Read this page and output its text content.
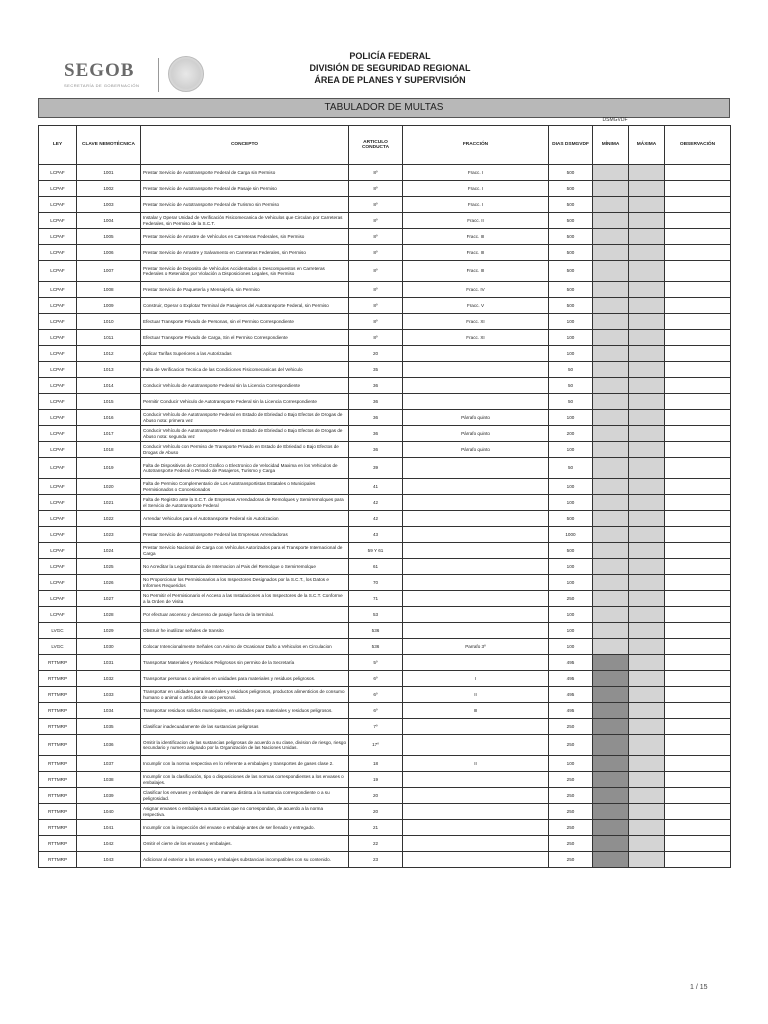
SEGOB
SECRETARÍA DE GOBERNACIÓN
POLICÍA FEDERAL
DIVISIÓN DE SEGURIDAD REGIONAL
ÁREA DE PLANES Y SUPERVISIÓN
TABULADOR DE MULTAS
DSMGVDF
LEY	CLAVE NEMOTÉCNICA	CONCEPTO	ARTICULO CONDUCTA	FRACCIÓN	DIAS DSMGVDF	MÍNIMA	MÁXIMA	OBSERVACIÓN
LCPAF	1001	Prestar Servicio de Autotransporte Federal de Carga sin Permiso	8º	Fracc. I	500			
LCPAF	1002	Prestar Servicio de Autotransporte Federal de Pasaje sin Permiso	8º	Fracc. I	500			
LCPAF	1003	Prestar Servicio de Autotransporte Federal de Turismo sin Permiso	8º	Fracc. I	500			
LCPAF	1004	Instalar y Operar Unidad de Verificación Fisicomecanica de Vehiculos que Circulan por Carreteras Federales, sin Permiso de la S.C.T.	8º	Fracc. II	500			
LCPAF	1005	Prestar Servicio de Arrastre de Vehículos en Carreteras Federales, sin Permiso	8º	Fracc. III	500			
LCPAF	1006	Prestar Servicio de Arrastre y Salvamento en Carreteras Federales, sin Permiso	8º	Fracc. III	500			
LCPAF	1007	Prestar Servicio de Deposito de Vehículos Accidentados o Descompuestos en Carreteras Federales o Retenidos por Violación a Disposiciones Legales, sin Permiso	8º	Fracc. III	500			
LCPAF	1008	Prestar Servicio de Paquetería y Mensajería, sin Permiso	8º	Fracc. IV	500			
LCPAF	1009	Construir, Operar o Explotar Terminal de Pasajeros del Autotransporte Federal, sin Permiso	8º	Fracc. V	500			
LCPAF	1010	Efectuar Transporte Privado de Personas, sin el Permiso Correspondiente	8º	Fracc. XI	100			
LCPAF	1011	Efectuar Transporte Privado de Carga, Sin el Permiso Correspondiente	8º	Fracc. XI	100			
LCPAF	1012	Aplicar Tarifas Superiores a las Autorizadas	20		100			
LCPAF	1013	Falta de Verificacion Tecnica de las Condiciones Fisicomecanicas del Vehiculo	35		50			
LCPAF	1014	Conducir Vehículo de Autotransporte Federal sin la Licencia Correspondiente	36		50			
LCPAF	1015	Permitir Conducir Vehiculo de Autotransporte Federal sin la Licencia Correspondiente	36		50			
LCPAF	1016	Conducir Vehículo de Autotransporte Federal en Estado de Ebriedad o Bajo Efectos de Drogas de Abuso nota: primera vez	36	Párrafo quinto	100			
LCPAF	1017	Conducir Vehículo de Autotransporte Federal en Estado de Ebriedad o Bajo Efectos de Drogas de Abuso nota: segunda vez	36	Párrafo quinto	200			
LCPAF	1018	Conducir Vehículo con Permiso de Transporte Privado en Estado de Ebriedad o Bajo Efectos de Drogas de Abuso	36	Párrafo quinto	100			
LCPAF	1019	Falta de Dispositivos de Control Grafico o Electronico de Velocidad Maxima en los Vehiculos de Autotransporte Federal o Privado de Pasajeros, Turismo y Carga	39		50			
LCPAF	1020	Falta de Permiso Complementario de Los Autotransportistas Estatales o Municipales Permisionados o Concesionados	41		100			
LCPAF	1021	Falta de Registro ante la S.C.T. de Empresas Arrendadoras de Remolques y Semirremolques para el Servicio de Autotransporte Federal	42		100			
LCPAF	1022	Arrendar Vehiculos para el Autotransporte Federal sin Autorizacion	42		500			
LCPAF	1023	Prestar Servicio de Autotransporte Federal las Empresas Arrendadoras	43		1000			
LCPAF	1024	Prestar Servicio Nacional de Carga con Vehículos Autorizados para el Transporte Internacional de Carga	59 Y 61		500			
LCPAF	1025	No Acreditar la Legal Estancia de Internacion al Pais del Remolque o Semirremolque	61		100			
LCPAF	1026	No Proporcionar los Permisionarios a los Inspectores Designados por la S.C.T., los Datos e Informes Requeridos	70		100			
LCPAF	1027	No Permitir el Permisionario el Acceso a las Instalaciones a los Inspectores de la S.C.T. Conforme a la Orden de Visita	71		250			
LCPAF	1028	Por efectuar ascenso y descenso de pasaje fuera de la terminal.	53		100			
LVGC	1029	Obstruir he inutilizar señales de transito	536		100			
LVGC	1030	Colocar Intencionalmente Señales con Animo de Ocasionar Daño a Vehiculos en Circulacion	536	Parrafo 3º	100			
RTTMRP	1031	Transportar Materiales y Residuos Peligrosos sin permiso de la Secretaría	5º		495			
RTTMRP	1032	Transportar personas o animales en unidades para materiales y residuos peligrosos.	6º	I	495			
RTTMRP	1033	Transportar en unidades para materiales y residuos peligrosos, productos alimenticios de consumo humano o animal o artículos de uso personal.	6º	II	495			
RTTMRP	1034	Transportar residuos solidos municipales, en unidades para materiales y residuos peligrosos.	6º	III	495			
RTTMRP	1035	Clasificar inadecuadamente de las sustancias peligrosas	7º		250			
RTTMRP	1036	Omitir la identificacion de las sustancias peligrosas de acuerdo a su clase, division de riesgo, riesgo secundario y numero asignado por la Organización de las Naciones Unidas.	17º		250			
RTTMRP	1037	Incumplir con la norma respectiva en lo referente a embalajes y transportes de gases clase 2.	18	II	100			
RTTMRP	1038	Incumplir con la clasificación, tipo o disposiciones de las normas correspondientes a los envases o embalajes.	19		250			
RTTMRP	1039	Clasificar los envases y embalajes de manera distinta a la sustancia correspondiente o a su peligrosidad.	20		250			
RTTMRP	1040	Asignar envases o embalajes a sustancias que no correspondan, de acuerdo a la norma respectiva.	20		250			
RTTMRP	1041	Incumplir con la inspección del envase o embalaje antes de ser llenado y entregado.	21		250			
RTTMRP	1042	Omitir el cierre de los envases y embalajes.	22		250			
RTTMRP	1043	Adicionar al exterior a los envases y embalajes substancias incompatibles con su contenido.	23		250			
1 / 15
